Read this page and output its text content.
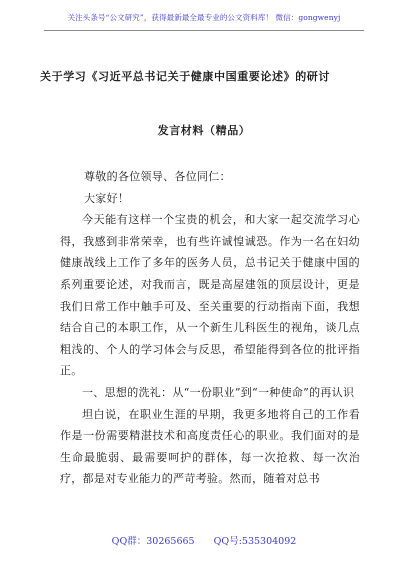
关注头条号“公文研究”，获得最新最全最专业的公文资料库！ 微信：gongwenyj
关于学习《习近平总书记关于健康中国重要论述》的研讨
发言材料（精品）

尊敬的各位领导、各位同仁：

大家好！

今天能有这样一个宝贵的机会，和大家一起交流学习心得，我感到非常荣幸，也有些许诚惶诚恐。作为一名在妇幼健康战线上工作了多年的医务人员，总书记关于健康中国的系列重要论述，对我而言，既是高屋建瓴的顶层设计，更是我们日常工作中触手可及、至关重要的行动指南下面，我想结合自己的本职工作，从一个新生儿科医生的视角，谈几点粗浅的、个人的学习体会与反思，希望能得到各位的批评指正。

一、思想的洗礼：从“一份职业”到“一种使命”的再认识

坦白说，在职业生涯的早期，我更多地将自己的工作看作是一份需要精湛技术和高度责任心的职业。我们面对的是生命最脆弱、最需要呵护的群体，每一次抢救、每一次治疗，都是对专业能力的严苛考验。然而，随着对总书

QQ群：30265665 QQ号:535304092
